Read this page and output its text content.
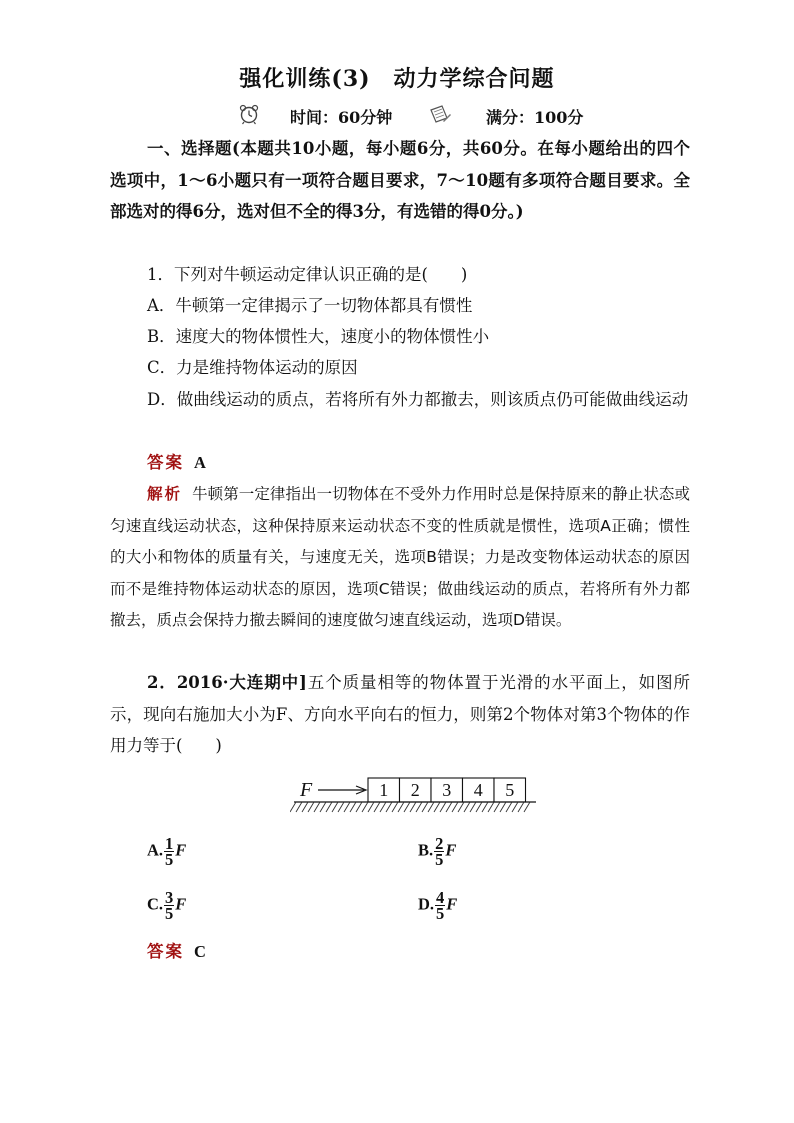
强化训练(3)　动力学综合问题
时间：60分钟	满分：100分
一、选择题(本题共10小题，每小题6分，共60分。在每小题给出的四个选项中，1～6小题只有一项符合题目要求，7～10题有多项符合题目要求。全部选对的得6分，选对但不全的得3分，有选错的得0分。)
1．下列对牛顿运动定律认识正确的是(　　)
A．牛顿第一定律揭示了一切物体都具有惯性
B．速度大的物体惯性大，速度小的物体惯性小
C．力是维持物体运动的原因
D．做曲线运动的质点，若将所有外力都撤去，则该质点仍可能做曲线运动
答案 A
解析 牛顿第一定律指出一切物体在不受外力作用时总是保持原来的静止状态或匀速直线运动状态，这种保持原来运动状态不变的性质就是惯性，选项A正确；惯性的大小和物体的质量有关，与速度无关，选项B错误；力是改变物体运动状态的原因而不是维持物体运动状态的原因，选项C错误；做曲线运动的质点，若将所有外力都撤去，质点会保持力撤去瞬间的速度做匀速直线运动，选项D错误。
2．2016·大连期中]五个质量相等的物体置于光滑的水平面上，如图所示，现向右施加大小为F、方向水平向右的恒力，则第2个物体对第3个物体的作用力等于(　　)
F	1 2 3 4 5
A. $\frac{1}{5}$ F	B. $\frac{2}{5}$ F
C. $\frac{3}{5}$ F	D. $\frac{4}{5}$ F
答案 C
